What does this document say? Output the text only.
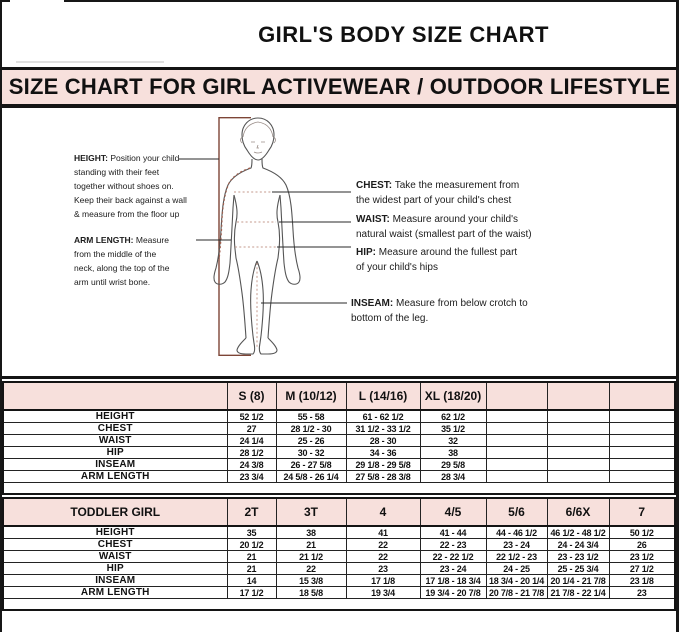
GIRL'S BODY SIZE CHART
SIZE CHART FOR GIRL ACTIVEWEAR / OUTDOOR LIFESTYLE
HEIGHT: Position your child
standing with their feet
together without shoes on.
Keep their back against a wall
& measure from the floor up
ARM LENGTH: Measure
from the middle of the
neck, along the top of the
arm until wrist bone.
CHEST: Take the measurement from
the widest part of your child's chest
WAIST: Measure around your child's
natural waist (smallest part of the waist)
HIP: Measure around the fullest part
of your child's hips
INSEAM: Measure from below crotch to
bottom of the leg.
	S (8)	M (10/12)	L (14/16)	XL (18/20)			
HEIGHT	52 1/2	55 - 58	61 - 62 1/2	62 1/2			
CHEST	27	28 1/2 - 30	31 1/2 - 33 1/2	35 1/2			
WAIST	24 1/4	25 - 26	28 - 30	32			
HIP	28 1/2	30 - 32	34 - 36	38			
INSEAM	24 3/8	26 - 27 5/8	29 1/8 - 29 5/8	29 5/8			
ARM LENGTH	23 3/4	24 5/8 - 26 1/4	27 5/8 - 28 3/8	28 3/4			

TODDLER GIRL	2T	3T	4	4/5	5/6	6/6X	7
HEIGHT	35	38	41	41 - 44	44 - 46 1/2	46 1/2 - 48 1/2	50 1/2
CHEST	20 1/2	21	22	22 - 23	23 - 24	24 - 24 3/4	26
WAIST	21	21 1/2	22	22 - 22 1/2	22 1/2 - 23	23 - 23 1/2	23 1/2
HIP	21	22	23	23 - 24	24 - 25	25 - 25 3/4	27 1/2
INSEAM	14	15 3/8	17 1/8	17 1/8 - 18 3/4	18 3/4 - 20 1/4	20 1/4 - 21 7/8	23 1/8
ARM LENGTH	17 1/2	18 5/8	19 3/4	19 3/4 - 20 7/8	20 7/8 - 21 7/8	21 7/8 - 22 1/4	23
